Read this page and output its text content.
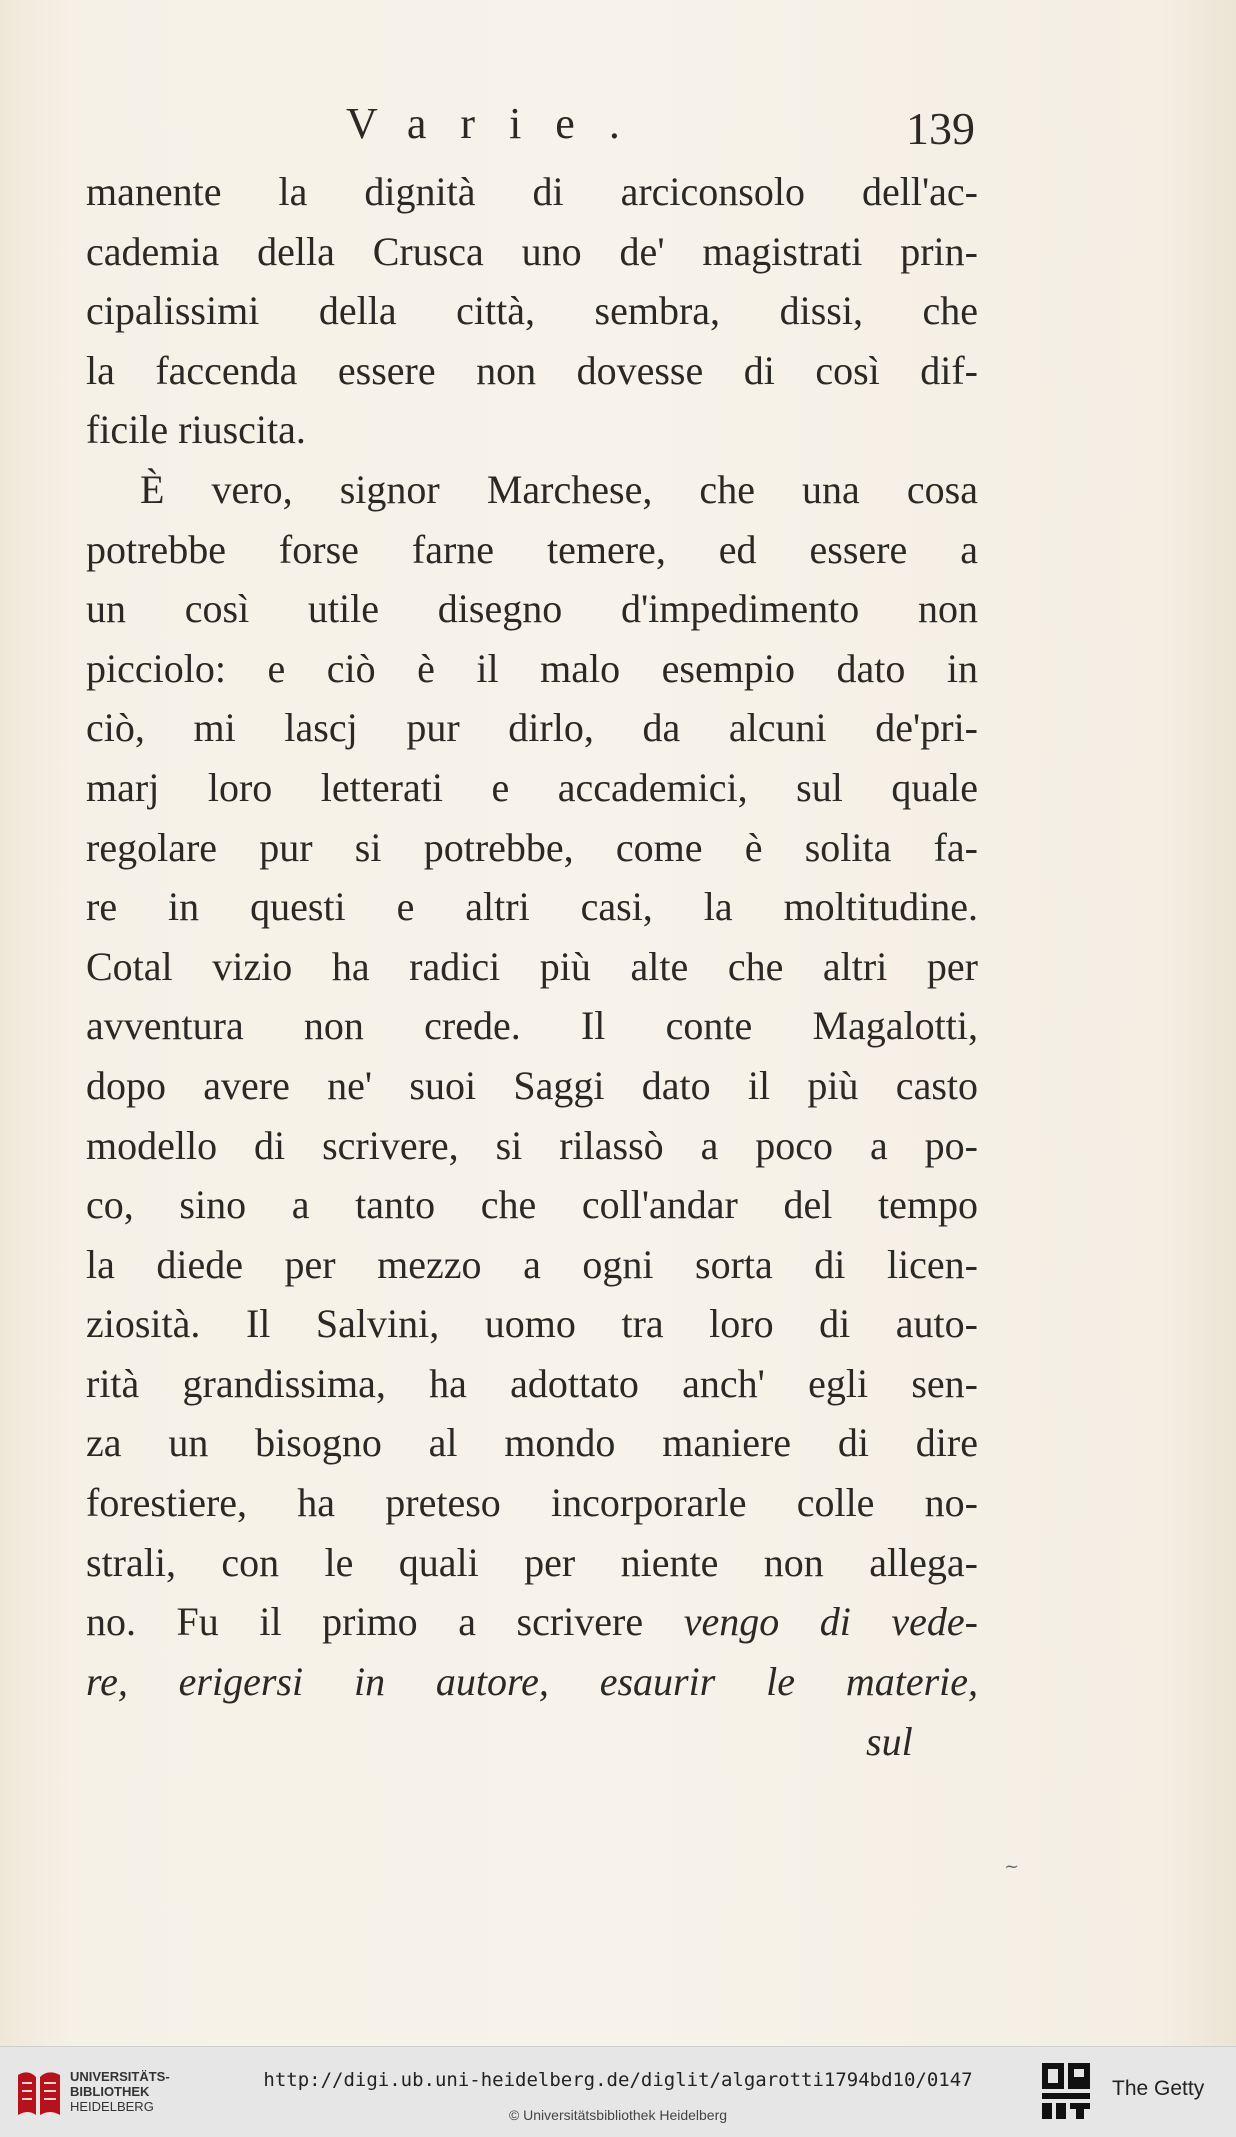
Varie.	139
manente la dignità di arciconsolo dell'ac-
cademia della Crusca uno de' magistrati prin-
cipalissimi della città, sembra, dissi, che
la faccenda essere non dovesse di così dif-
ficile riuscita.
È vero, signor Marchese, che una cosa
potrebbe forse farne temere, ed essere a
un così utile disegno d'impedimento non
picciolo: e ciò è il malo esempio dato in
ciò, mi lascj pur dirlo, da alcuni de'pri-
marj loro letterati e accademici, sul quale
regolare pur si potrebbe, come è solita fa-
re in questi e altri casi, la moltitudine.
Cotal vizio ha radici più alte che altri per
avventura non crede. Il conte Magalotti,
dopo avere ne' suoi Saggi dato il più casto
modello di scrivere, si rilassò a poco a po-
co, sino a tanto che coll'andar del tempo
la diede per mezzo a ogni sorta di licen-
ziosità. Il Salvini, uomo tra loro di auto-
rità grandissima, ha adottato anch' egli sen-
za un bisogno al mondo maniere di dire
forestiere, ha preteso incorporarle colle no-
strali, con le quali per niente non allega-
no. Fu il primo a scrivere vengo di vede-
re, erigersi in autore, esaurir le materie,
sul
~
UNIVERSITÄTS-
BIBLIOTHEK
HEIDELBERG
http://digi.ub.uni-heidelberg.de/diglit/algarotti1794bd10/0147
© Universitätsbibliothek Heidelberg
The Getty
